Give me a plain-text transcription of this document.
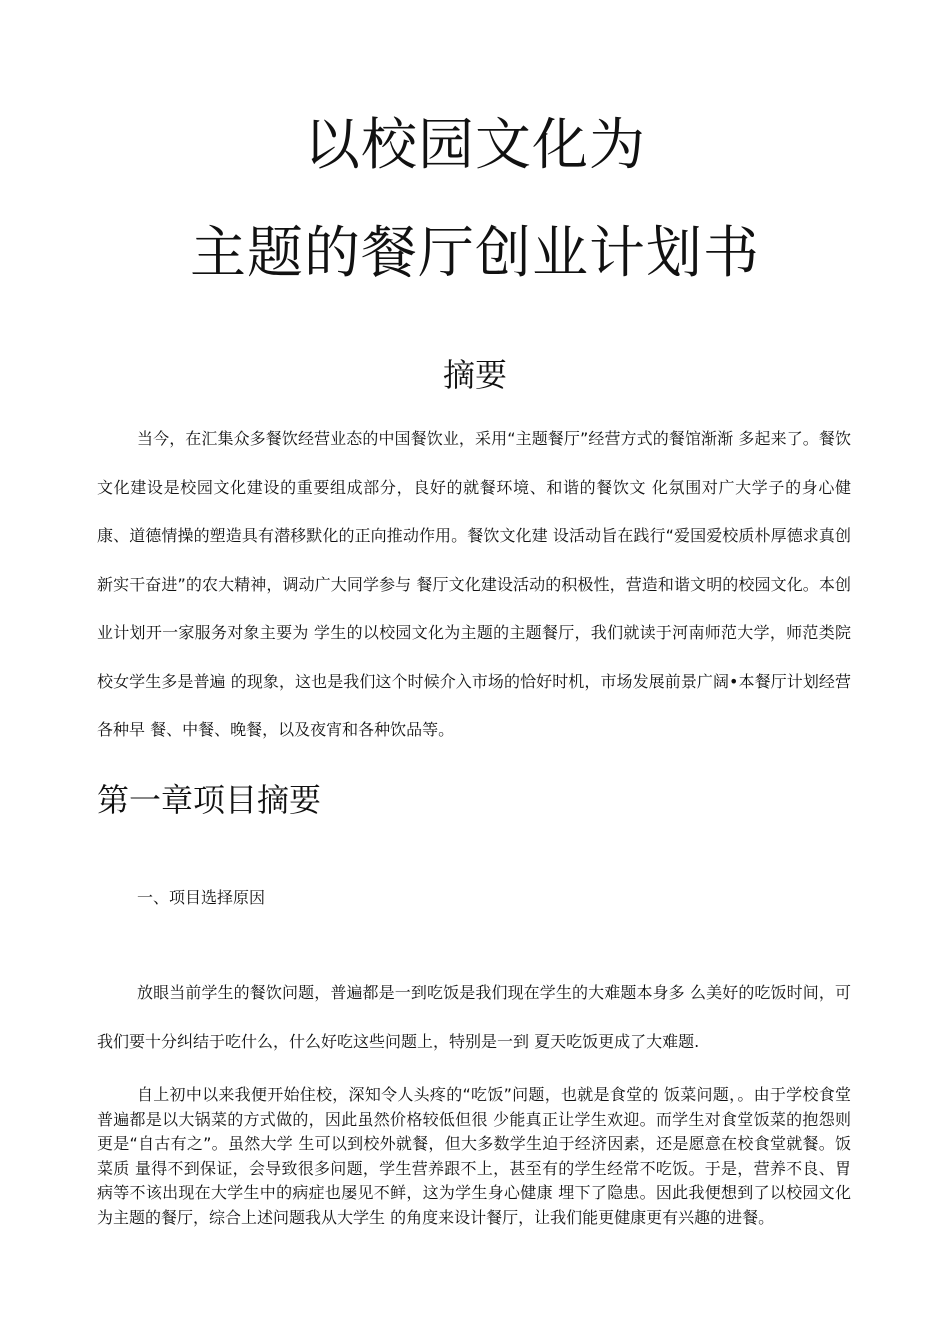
以校园文化为
主题的餐厅创业计划书
摘要

当今，在汇集众多餐饮经营业态的中国餐饮业，采用“主题餐厅”经营方式的餐馆渐渐 多起来了。餐饮文化建设是校园文化建设的重要组成部分，良好的就餐环境、和谐的餐饮文 化氛围对广大学子的身心健康、道德情操的塑造具有潜移默化的正向推动作用。餐饮文化建 设活动旨在践行“爱国爱校质朴厚德求真创新实干奋进”的农大精神，调动广大同学参与 餐厅文化建设活动的积极性，营造和谐文明的校园文化。本创业计划开一家服务对象主要为 学生的以校园文化为主题的主题餐厅，我们就读于河南师范大学，师范类院校女学生多是普遍 的现象，这也是我们这个时候介入市场的恰好时机，市场发展前景广阔•本餐厅计划经营各种早 餐、中餐、晚餐，以及夜宵和各种饮品等。

第一章项目摘要
一、项目选择原因

放眼当前学生的餐饮问题，普遍都是一到吃饭是我们现在学生的大难题本身多 么美好的吃饭时间，可我们要十分纠结于吃什么，什么好吃这些问题上，特别是一到 夏天吃饭更成了大难题.

自上初中以来我便开始住校，深知令人头疼的“吃饭”问题，也就是食堂的 饭菜问题，。由于学校食堂普遍都是以大锅菜的方式做的，因此虽然价格较低但很 少能真正让学生欢迎。而学生对食堂饭菜的抱怨则更是“自古有之”。虽然大学 生可以到校外就餐，但大多数学生迫于经济因素，还是愿意在校食堂就餐。饭菜质 量得不到保证，会导致很多问题，学生营养跟不上，甚至有的学生经常不吃饭。于是，营养不良、胃病等不该出现在大学生中的病症也屡见不鲜，这为学生身心健康 埋下了隐患。因此我便想到了以校园文化为主题的餐厅，综合上述问题我从大学生 的角度来设计餐厅，让我们能更健康更有兴趣的进餐。
